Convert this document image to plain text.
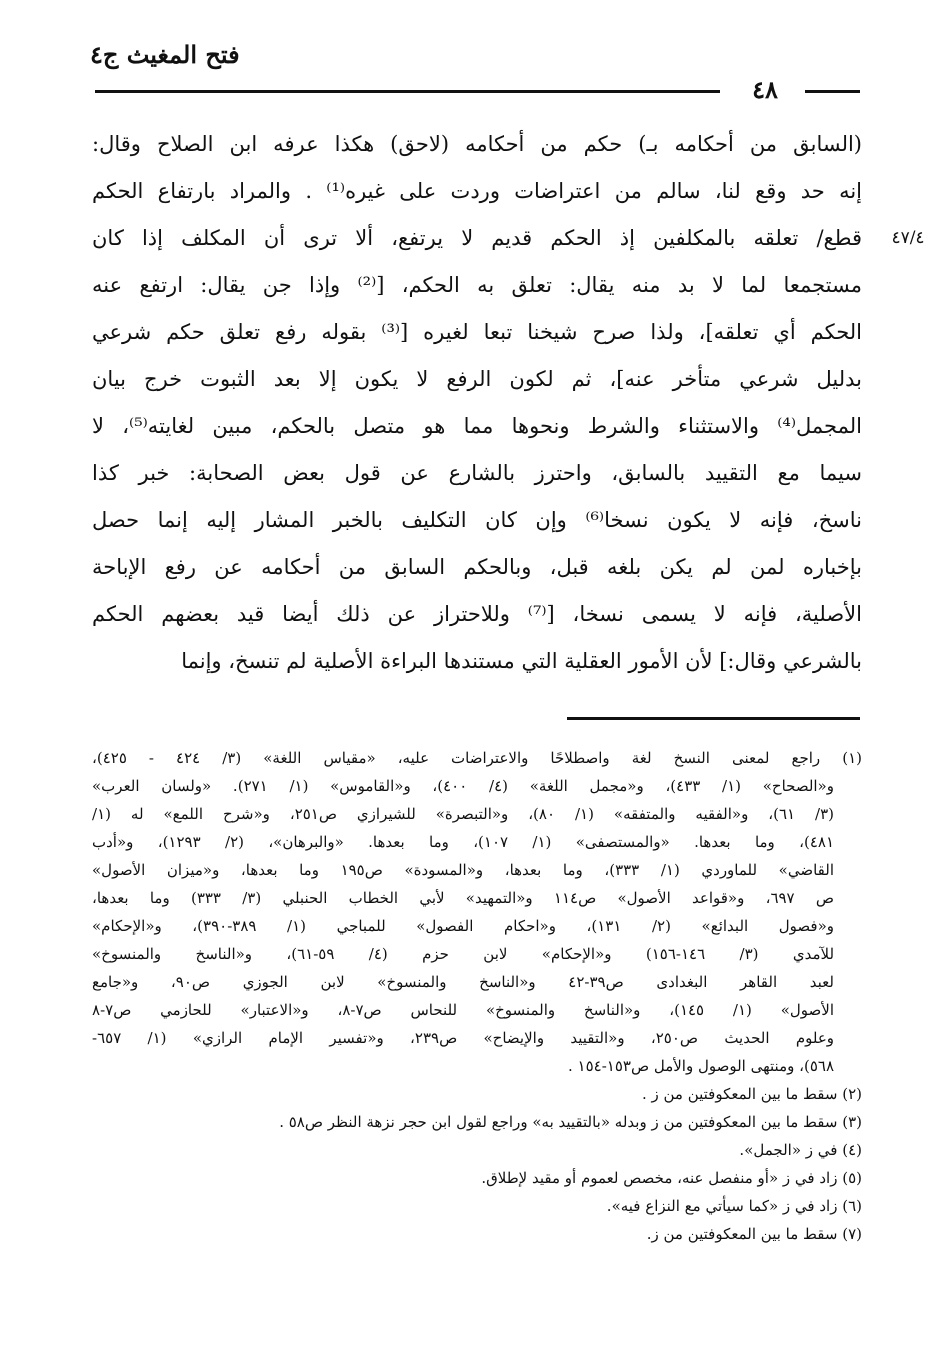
فتح المغيث ج٤
٤٨
٤٧/٤
(السابق من أحكامه بـ) حكم من أحكامه (لاحق) هكذا عرفه ابن الصلاح وقال:
إنه حد وقع لنا، سالم من اعتراضات وردت على غيره⁽¹⁾ . والمراد بارتفاع الحكم
قطع/ تعلقه بالمكلفين إذ الحكم قديم لا يرتفع، ألا ترى أن المكلف إذا كان
مستجمعا لما لا بد منه يقال: تعلق به الحكم، [⁽²⁾ وإذا جن يقال: ارتفع عنه
الحكم أي تعلقه]، ولذا صرح شيخنا تبعا لغيره [⁽³⁾ بقوله رفع تعلق حكم شرعي
بدليل شرعي متأخر عنه]، ثم لكون الرفع لا يكون إلا بعد الثبوت خرج بيان
المجمل⁽⁴⁾ والاستثناء والشرط ونحوها مما هو متصل بالحكم، مبين لغايته⁽⁵⁾، لا
سيما مع التقييد بالسابق، واحترز بالشارع عن قول بعض الصحابة: خبر كذا
ناسخ، فإنه لا يكون نسخا⁽⁶⁾ وإن كان التكليف بالخبر المشار إليه إنما حصل
بإخباره لمن لم يكن بلغه قبل، وبالحكم السابق من أحكامه عن رفع الإباحة
الأصلية، فإنه لا يسمى نسخا، [⁽⁷⁾ وللاحتراز عن ذلك أيضا قيد بعضهم الحكم
بالشرعي وقال:] لأن الأمور العقلية التي مستندها البراءة الأصلية لم تنسخ، وإنما
(١) راجع لمعنى النسخ لغة واصطلاحًا والاعتراضات عليه، «مقياس اللغة» (٣/ ٤٢٤ - ٤٢٥)،
و«الصحاح» (١/ ٤٣٣)، و«مجمل اللغة» (٤/ ٤٠٠)، و«القاموس» (١/ ٢٧١). «ولسان العرب»
(٣/ ٦١)، و«الفقيه والمتفقه» (١/ ٨٠)، و«التبصرة» للشيرازي ص٢٥١، و«شرح اللمع» له (١/
٤٨١)، وما بعدها. «والمستصفى» (١/ ١٠٧)، وما بعدها. «والبرهان»، (٢/ ١٢٩٣)، و«أدب
القاضي» للماوردي (١/ ٣٣٣)، وما بعدها، و«المسودة» ص١٩٥ وما بعدها، و«ميزان الأصول»
ص ٦٩٧، و«قواعد الأصول» ص١١٤ و«التمهيد» لأبي الخطاب الحنبلي (٣/ ٣٣٣) وما بعدها،
و«فصول البدائع» (٢/ ١٣١)، و«احكام الفصول» للمباجي (١/ ٣٨٩-٣٩٠)، و«الإحكام»
للآمدي (٣/ ١٤٦-١٥٦) و«الإحكام» لابن حزم (٤/ ٥٩-٦١)، و«الناسخ والمنسوخ»
لعبد القاهر البغدادى ص٣٩-٤٢ و«الناسخ والمنسوخ» لابن الجوزي ص٩٠، و«جامع
الأصول» (١/ ١٤٥)، و«الناسخ والمنسوخ» للنحاس ص٧-٨، و«الاعتبار» للحازمي ص٧-٨
وعلوم الحديث ص٢٥٠، و«التقييد والإيضاح» ص٢٣٩، و«تفسير الإمام الرازي» (١/ ٦٥٧-
٥٦٨)، ومنتهى الوصول والأمل ص١٥٣-١٥٤ .
(٢) سقط ما بين المعكوفتين من ز .
(٣) سقط ما بين المعكوفتين من ز وبدله «بالتقييد به» وراجع لقول ابن حجر نزهة النظر ص٥٨ .
(٤) في ز «الجمل».
(٥) زاد في ز «أو منفصل عنه، مخصص لعموم أو مقيد لإطلاق.
(٦) زاد في ز «كما سيأتي مع النزاع فيه».
(٧) سقط ما بين المعكوفتين من ز.
